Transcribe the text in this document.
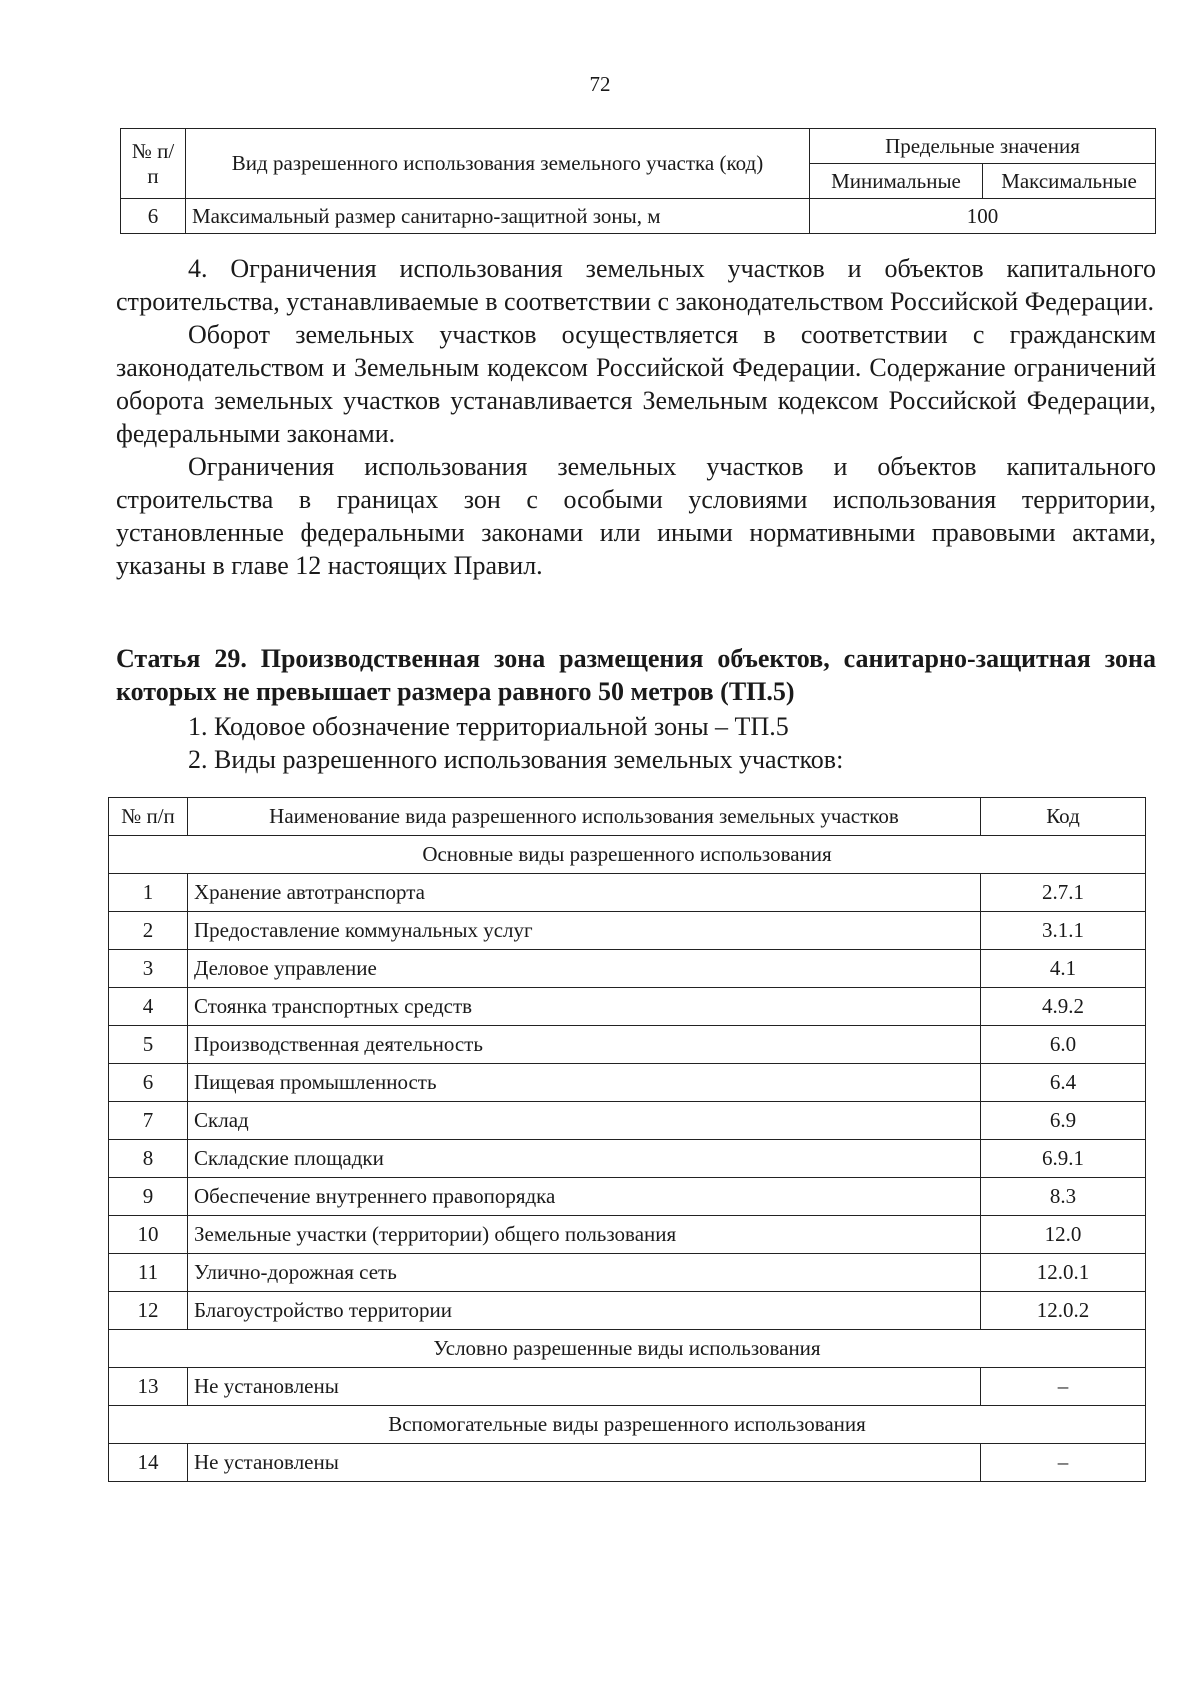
72
№ п/п	Вид разрешенного использования земельного участка (код)	Предельные значения	
		Минимальные	Максимальные
6	Максимальный размер санитарно-защитной зоны, м	100	

4. Ограничения использования земельных участков и объектов капитального строительства, устанавливаемые в соответствии с законодательством Российской Федерации.

Оборот земельных участков осуществляется в соответствии с гражданским законодательством и Земельным кодексом Российской Федерации. Содержание ограничений оборота земельных участков устанавливается Земельным кодексом Российской Федерации, федеральными законами.

Ограничения использования земельных участков и объектов капитального строительства в границах зон с особыми условиями использования территории, установленные федеральными законами или иными нормативными правовыми актами, указаны в главе 12 настоящих Правил.

Статья 29. Производственная зона размещения объектов, санитарно-защитная зона которых не превышает размера равного 50 метров (ТП.5)
1. Кодовое обозначение территориальной зоны – ТП.5
2. Виды разрешенного использования земельных участков:
№ п/п	Наименование вида разрешенного использования земельных участков	Код
Основные виды разрешенного использования		
1	Хранение автотранспорта	2.7.1
2	Предоставление коммунальных услуг	3.1.1
3	Деловое управление	4.1
4	Стоянка транспортных средств	4.9.2
5	Производственная деятельность	6.0
6	Пищевая промышленность	6.4
7	Склад	6.9
8	Складские площадки	6.9.1
9	Обеспечение внутреннего правопорядка	8.3
10	Земельные участки (территории) общего пользования	12.0
11	Улично-дорожная сеть	12.0.1
12	Благоустройство территории	12.0.2
Условно разрешенные виды использования		
13	Не установлены	–
Вспомогательные виды разрешенного использования		
14	Не установлены	–
